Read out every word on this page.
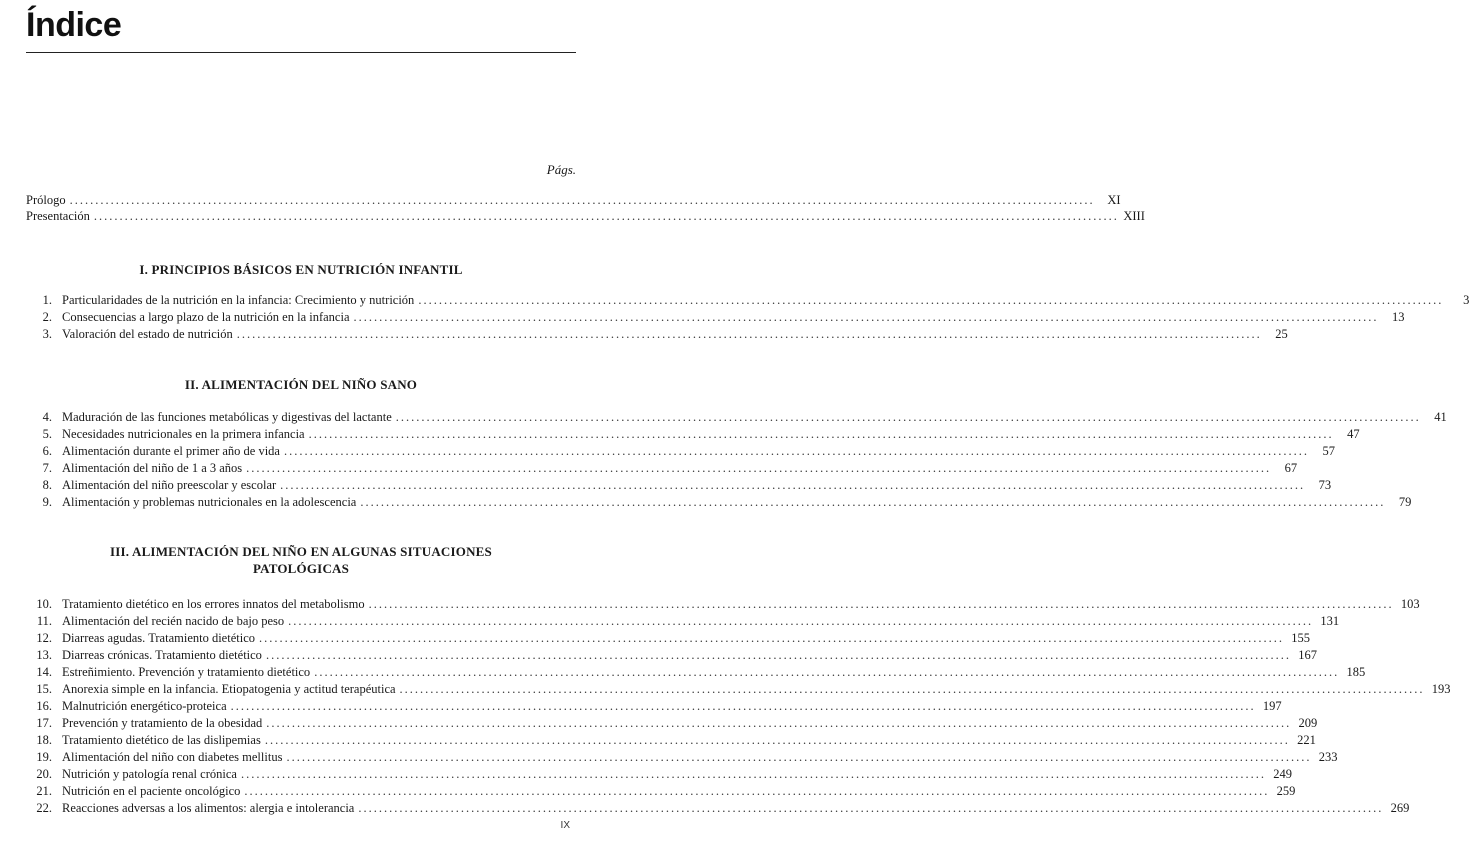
Índice
Págs.
Prólogo ........................................................................................................................................................................................................	XI
Presentación ........................................................................................................................................................................................................ XIII
I. PRINCIPIOS BÁSICOS EN NUTRICIÓN INFANTIL
1. Particularidades de la nutrición en la infancia: Crecimiento y nutrición ........................................................................................................................................................................................................	3
2. Consecuencias a largo plazo de la nutrición en la infancia ........................................................................................................................................................................................................	13
3. Valoración del estado de nutrición ........................................................................................................................................................................................................	25
II. ALIMENTACIÓN DEL NIÑO SANO
4. Maduración de las funciones metabólicas y digestivas del lactante ........................................................................................................................................................................................................	41
5. Necesidades nutricionales en la primera infancia ........................................................................................................................................................................................................	47
6. Alimentación durante el primer año de vida ........................................................................................................................................................................................................	57
7. Alimentación del niño de 1 a 3 años ........................................................................................................................................................................................................	67
8. Alimentación del niño preescolar y escolar ........................................................................................................................................................................................................	73
9. Alimentación y problemas nutricionales en la adolescencia ........................................................................................................................................................................................................	79
III. ALIMENTACIÓN DEL NIÑO EN ALGUNAS SITUACIONES
PATOLÓGICAS
10. Tratamiento dietético en los errores innatos del metabolismo ........................................................................................................................................................................................................ 103
11. Alimentación del recién nacido de bajo peso ........................................................................................................................................................................................................ 131
12. Diarreas agudas. Tratamiento dietético ........................................................................................................................................................................................................ 155
13. Diarreas crónicas. Tratamiento dietético ........................................................................................................................................................................................................ 167
14. Estreñimiento. Prevención y tratamiento dietético ........................................................................................................................................................................................................ 185
15. Anorexia simple en la infancia. Etiopatogenia y actitud terapéutica ........................................................................................................................................................................................................ 193
16. Malnutrición energético-proteica ........................................................................................................................................................................................................ 197
17. Prevención y tratamiento de la obesidad ........................................................................................................................................................................................................ 209
18. Tratamiento dietético de las dislipemias ........................................................................................................................................................................................................ 221
19. Alimentación del niño con diabetes mellitus ........................................................................................................................................................................................................ 233
20. Nutrición y patología renal crónica ........................................................................................................................................................................................................ 249
21. Nutrición en el paciente oncológico ........................................................................................................................................................................................................ 259
22. Reacciones adversas a los alimentos: alergia e intolerancia ........................................................................................................................................................................................................ 269
IX
